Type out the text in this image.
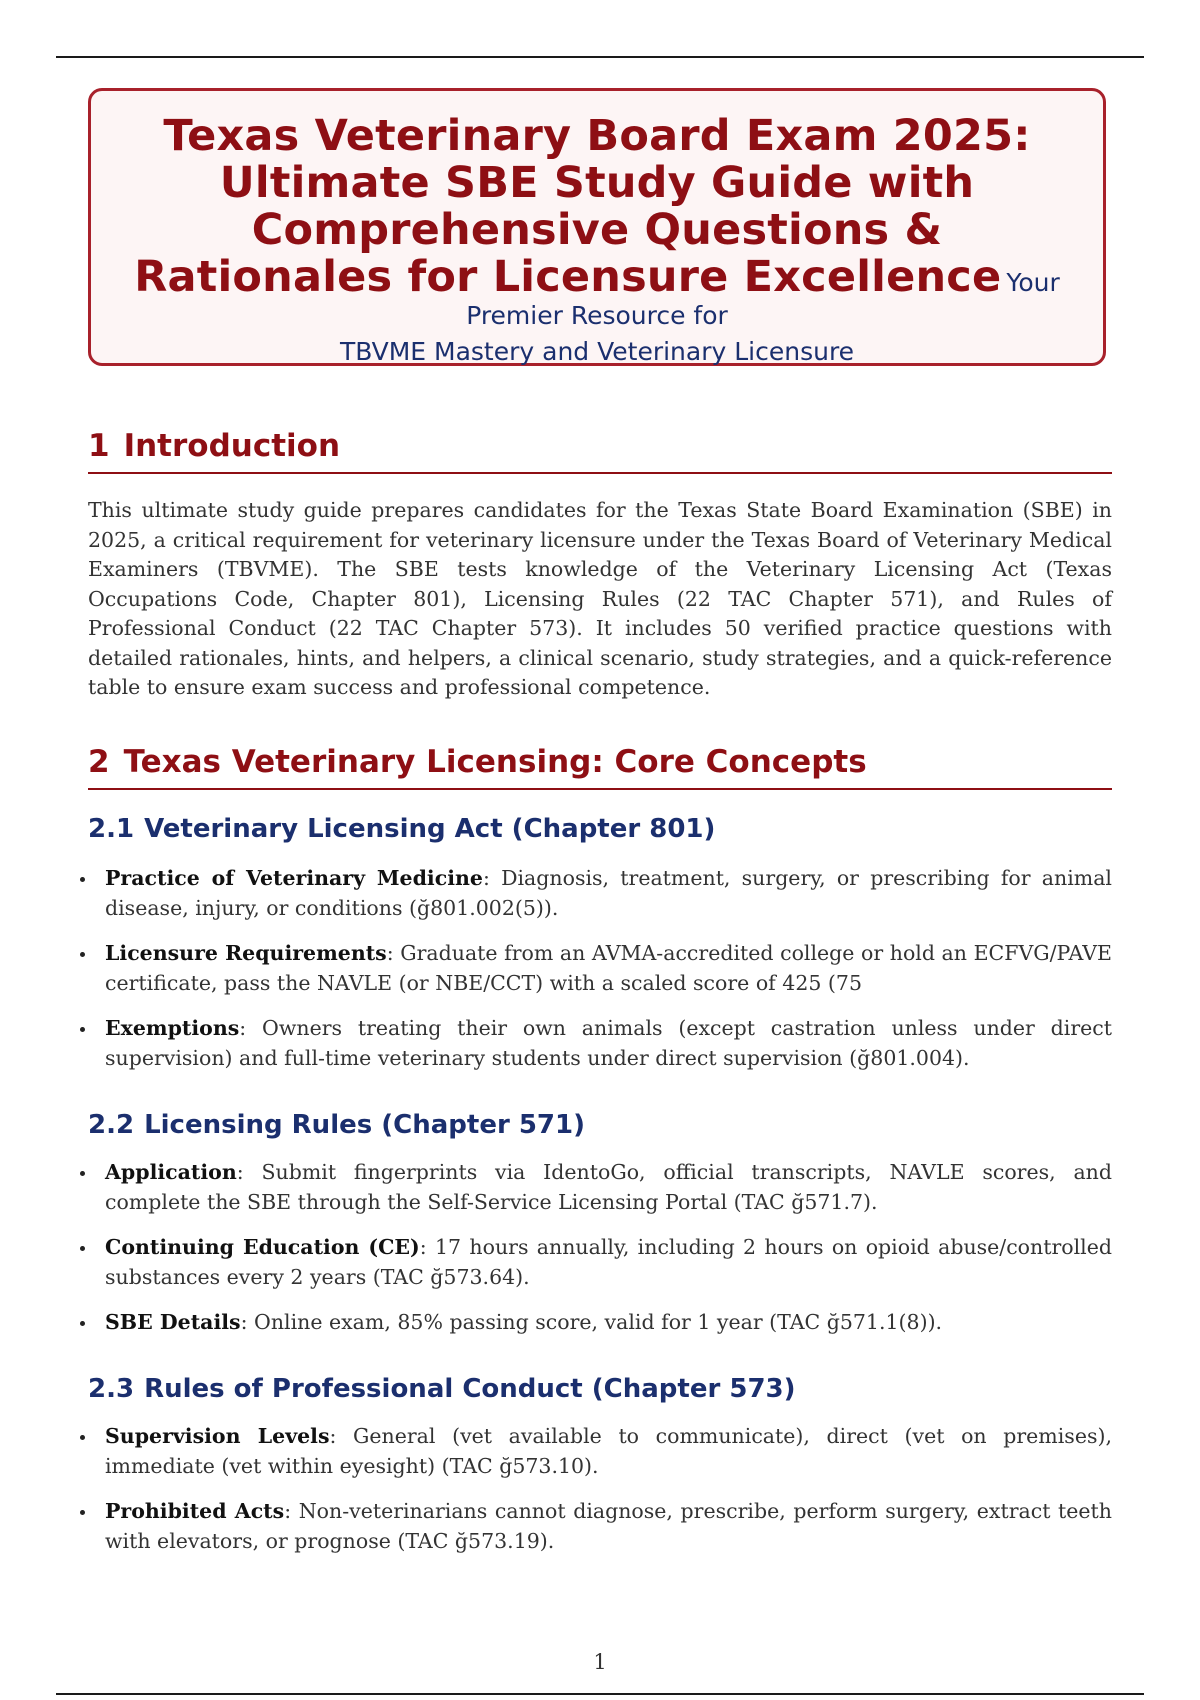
Texas Veterinary Board Exam 2025: Ultimate SBE Study Guide with Comprehensive Questions & Rationales for Licensure Excellence Your Premier Resource for
TBVME Mastery and Veterinary Licensure
1 Introduction
This ultimate study guide prepares candidates for the Texas State Board Examination (SBE) in 2025, a critical requirement for veterinary licensure under the Texas Board of Veterinary Medical Examiners (TBVME). The SBE tests knowledge of the Veterinary Licensing Act (Texas Occupations Code, Chapter 801), Licensing Rules (22 TAC Chapter 571), and Rules of Professional Conduct (22 TAC Chapter 573). It includes 50 verified practice questions with detailed rationales, hints, and helpers, a clinical scenario, study strategies, and a quick-reference table to ensure exam success and professional competence.
2 Texas Veterinary Licensing: Core Concepts
2.1 Veterinary Licensing Act (Chapter 801)
Practice of Veterinary Medicine: Diagnosis, treatment, surgery, or prescribing for animal disease, injury, or conditions (ğ801.002(5)).
Licensure Requirements: Graduate from an AVMA-accredited college or hold an ECFVG/PAVE certificate, pass the NAVLE (or NBE/CCT) with a scaled score of 425 (75
Exemptions: Owners treating their own animals (except castration unless under direct supervision) and full-time veterinary students under direct supervision (ğ801.004).
2.2 Licensing Rules (Chapter 571)
Application: Submit fingerprints via IdentoGo, official transcripts, NAVLE scores, and complete the SBE through the Self-Service Licensing Portal (TAC ğ571.7).
Continuing Education (CE): 17 hours annually, including 2 hours on opioid abuse/controlled substances every 2 years (TAC ğ573.64).
SBE Details: Online exam, 85% passing score, valid for 1 year (TAC ğ571.1(8)).
2.3 Rules of Professional Conduct (Chapter 573)
Supervision Levels: General (vet available to communicate), direct (vet on premises), immediate (vet within eyesight) (TAC ğ573.10).
Prohibited Acts: Non-veterinarians cannot diagnose, prescribe, perform surgery, extract teeth with elevators, or prognose (TAC ğ573.19).
1
